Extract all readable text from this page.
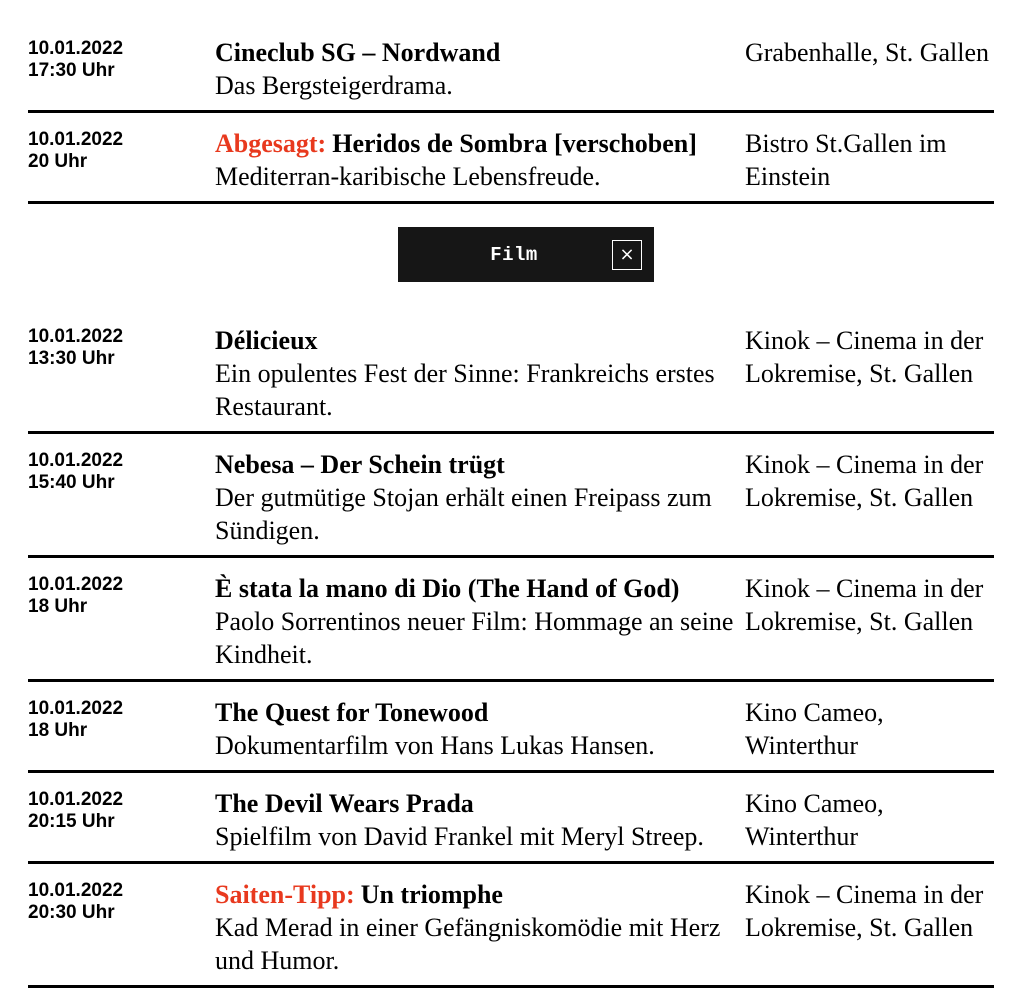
10.01.2022
17:30 Uhr
Cineclub SG – Nordwand
Das Bergsteigerdrama.
Grabenhalle, St. Gallen
10.01.2022
20 Uhr
Abgesagt: Heridos de Sombra [verschoben]
Mediterran-karibische Lebensfreude.
Bistro St.Gallen im Einstein
Film	×
10.01.2022
13:30 Uhr
Délicieux
Ein opulentes Fest der Sinne: Frankreichs erstes Restaurant.
Kinok – Cinema in der Lokremise, St. Gallen
10.01.2022
15:40 Uhr
Nebesa – Der Schein trügt
Der gutmütige Stojan erhält einen Freipass zum Sündigen.
Kinok – Cinema in der Lokremise, St. Gallen
10.01.2022
18 Uhr
È stata la mano di Dio (The Hand of God)
Paolo Sorrentinos neuer Film: Hommage an seine Kindheit.
Kinok – Cinema in der Lokremise, St. Gallen
10.01.2022
18 Uhr
The Quest for Tonewood
Dokumentarfilm von Hans Lukas Hansen.
Kino Cameo, Winterthur
10.01.2022
20:15 Uhr
The Devil Wears Prada
Spielfilm von David Frankel mit Meryl Streep.
Kino Cameo, Winterthur
10.01.2022
20:30 Uhr
Saiten-Tipp: Un triomphe
Kad Merad in einer Gefängniskomödie mit Herz und Humor.
Kinok – Cinema in der Lokremise, St. Gallen
